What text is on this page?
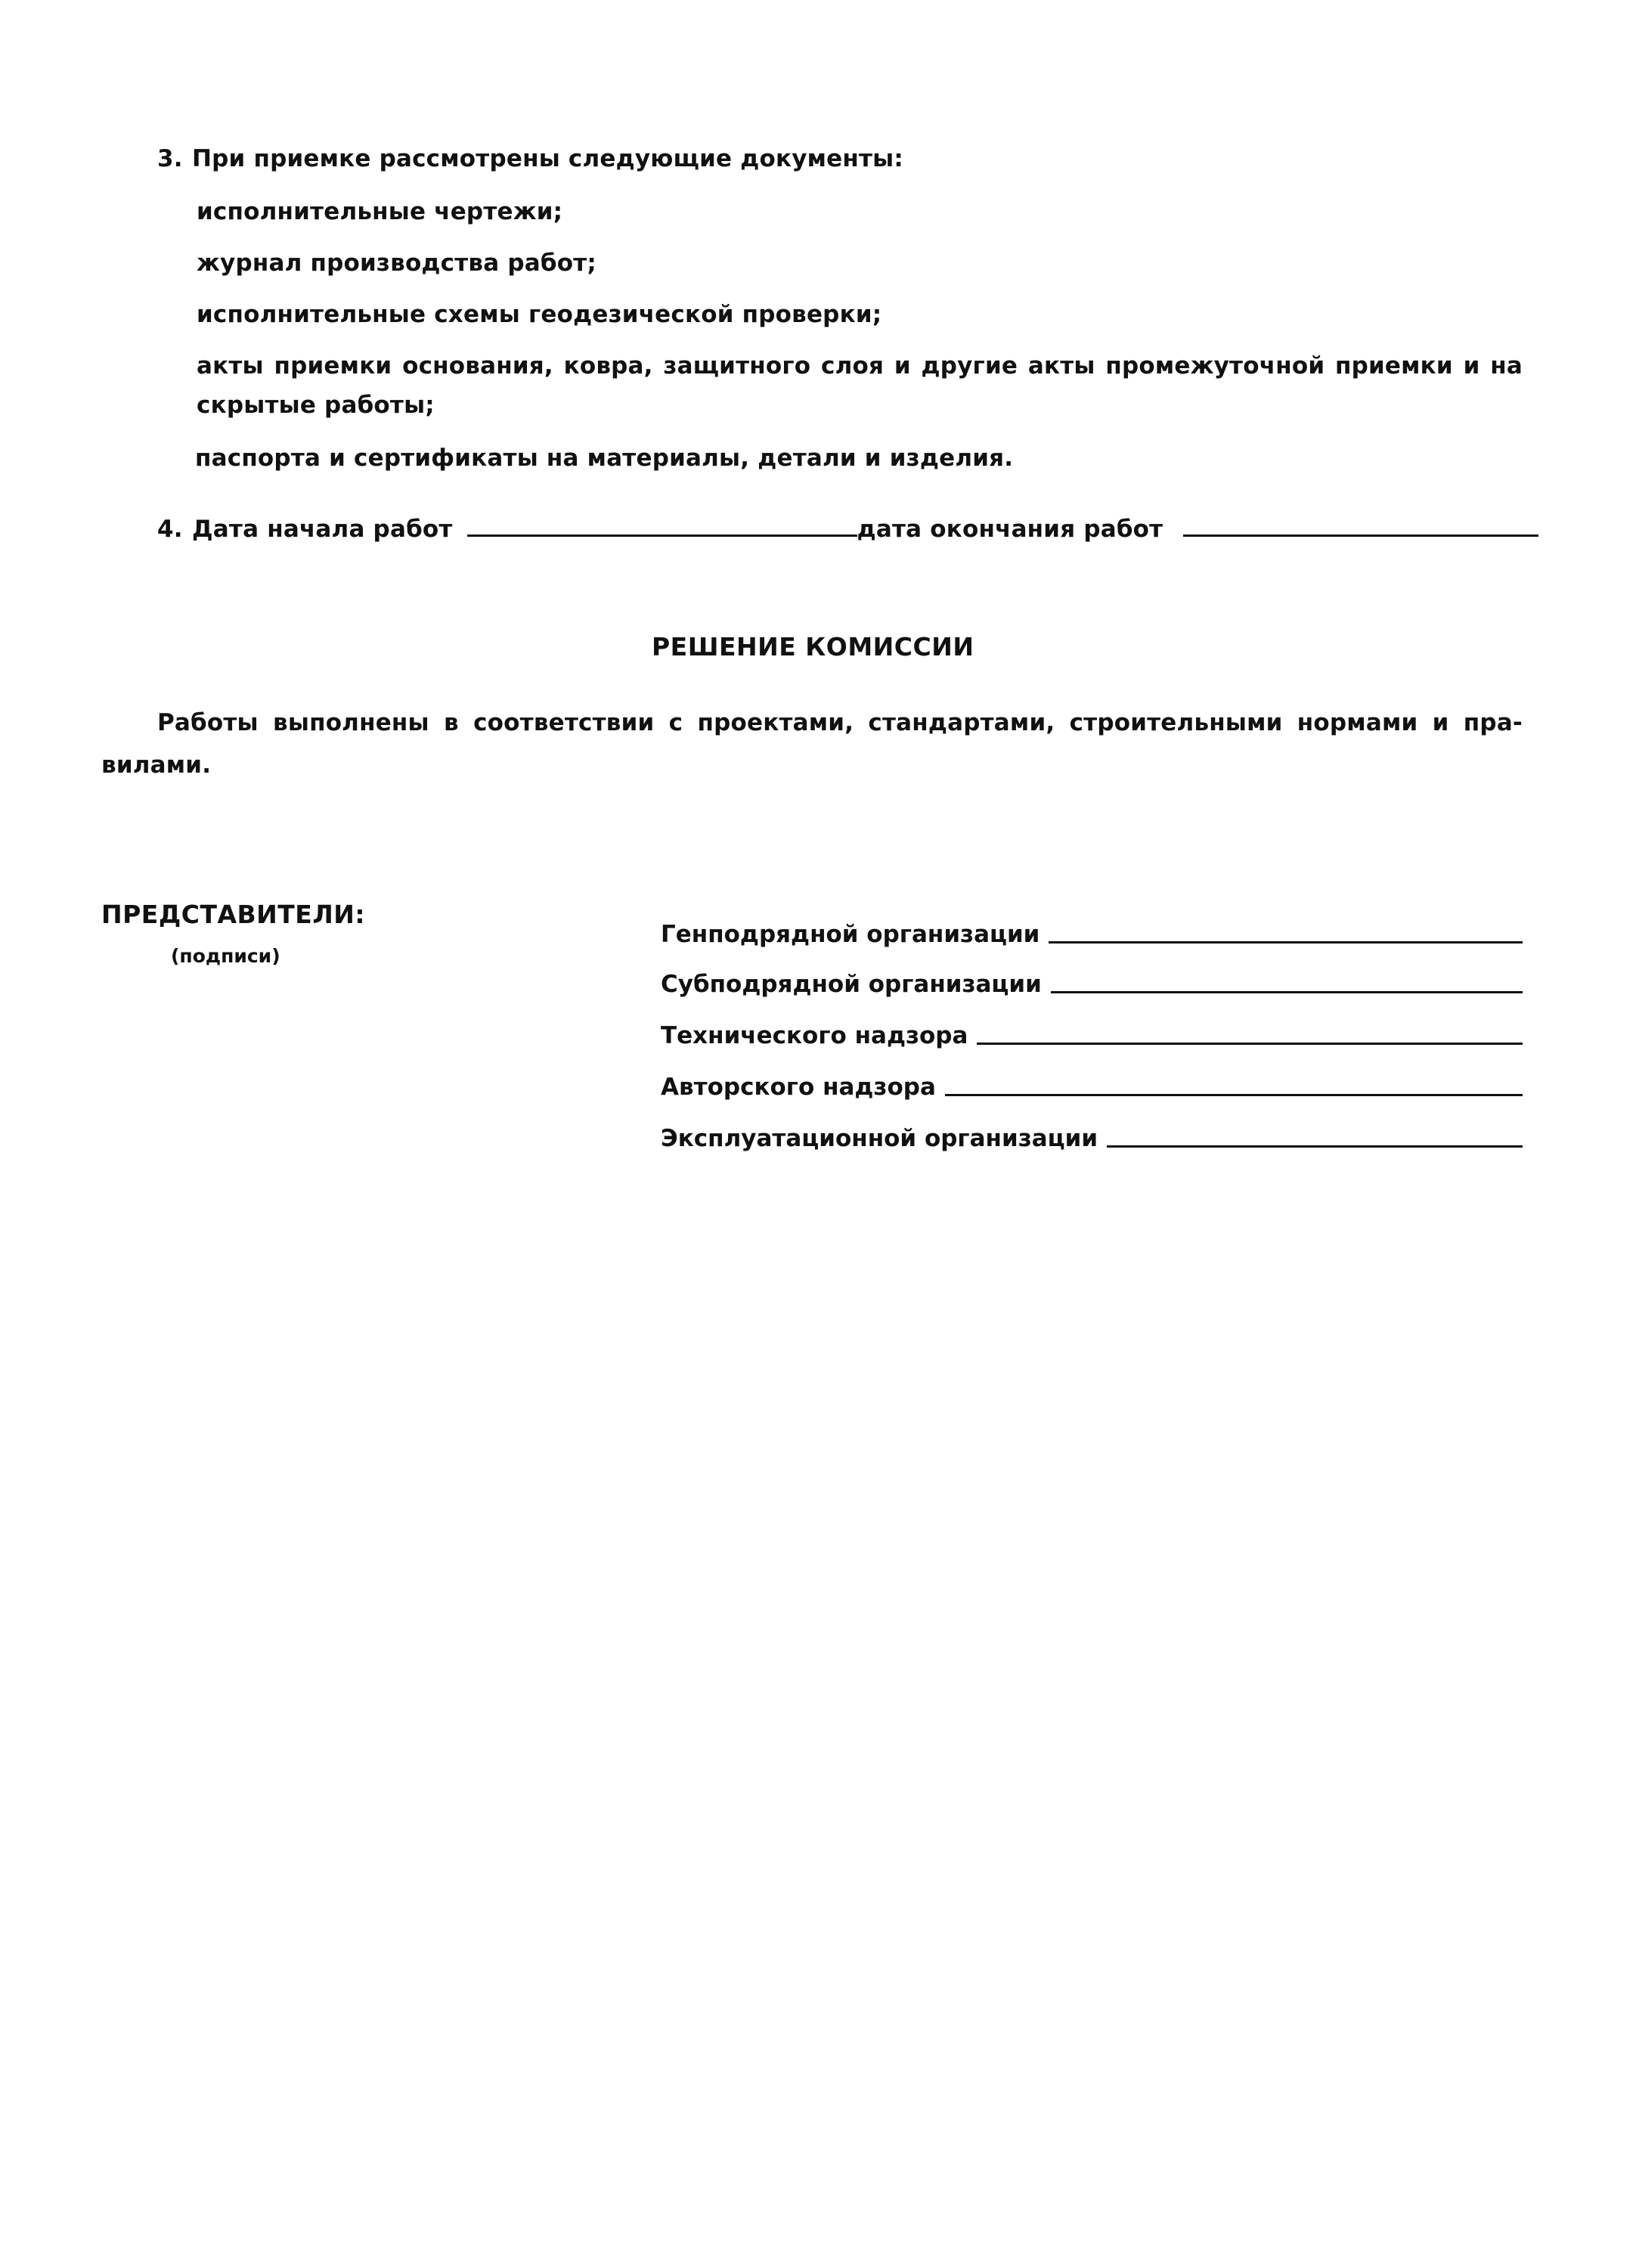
3. При приемке рассмотрены следующие документы:
исполнительные чертежи;
журнал производства работ;
исполнительные схемы геодезической проверки;
акты приемки основания, ковра, защитного слоя и другие акты промежуточной приемки и на
скрытые работы;
паспорта и сертификаты на материалы, детали и изделия.
4. Дата начала работ	дата окончания работ
РЕШЕНИЕ КОМИССИИ
Работы выполнены в соответствии с проектами, стандартами, строительными нормами и пра-
вилами.
ПРЕДСТАВИТЕЛИ:
(подписи)
Генподрядной организации
Субподрядной организации
Технического надзора
Авторского надзора
Эксплуатационной организации
